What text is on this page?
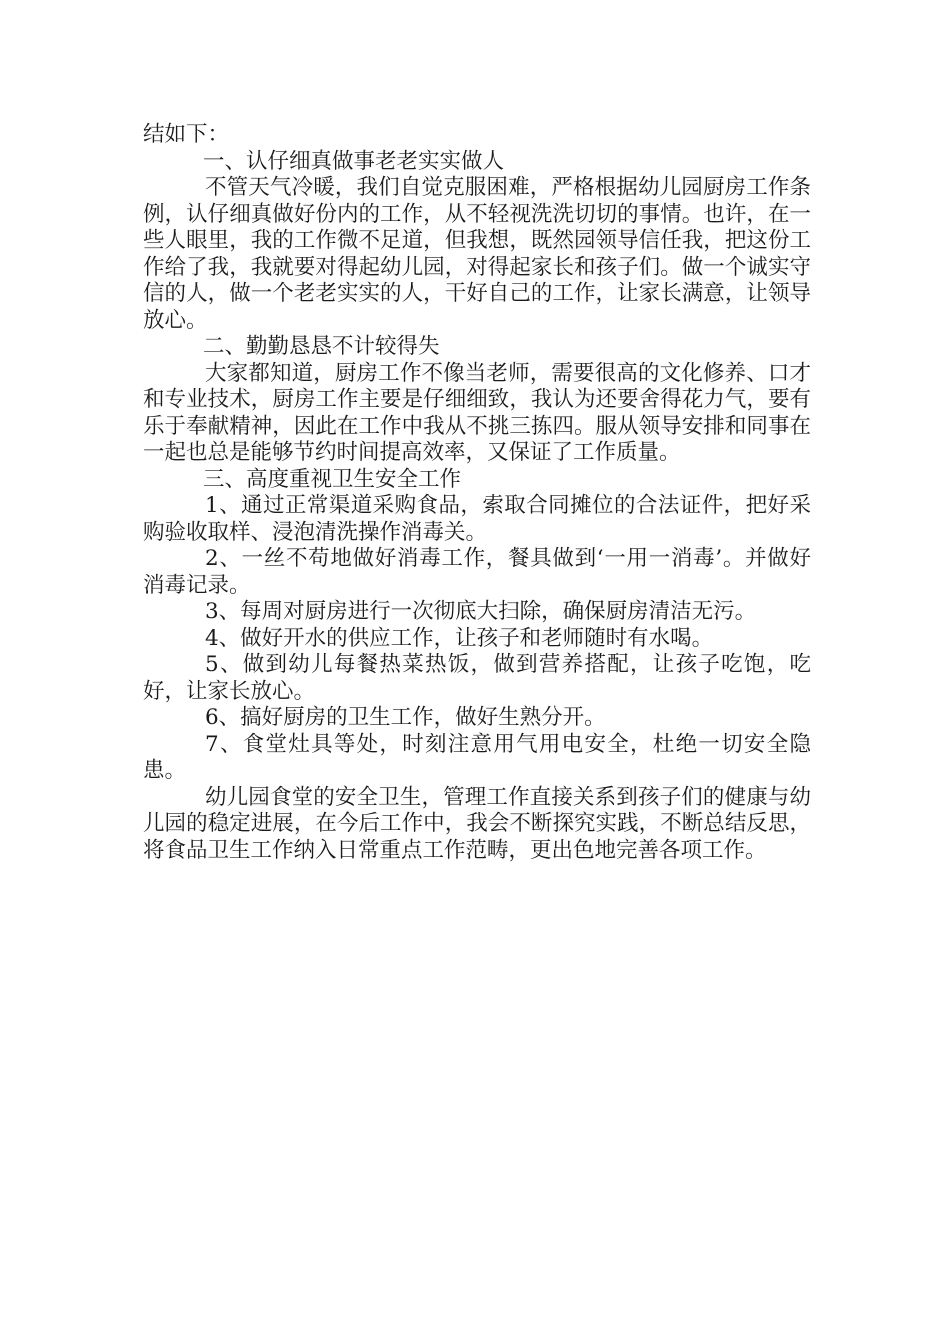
结如下：

一、认仔细真做事老老实实做人

不管天气冷暖，我们自觉克服困难，严格根据幼儿园厨房工作条例，认仔细真做好份内的工作，从不轻视洗洗切切的事情。也许，在一些人眼里，我的工作微不足道，但我想，既然园领导信任我，把这份工作给了我，我就要对得起幼儿园，对得起家长和孩子们。做一个诚实守信的人，做一个老老实实的人，干好自己的工作，让家长满意，让领导放心。

二、勤勤恳恳不计较得失

大家都知道，厨房工作不像当老师，需要很高的文化修养、口才和专业技术，厨房工作主要是仔细细致，我认为还要舍得花力气，要有乐于奉献精神，因此在工作中我从不挑三拣四。服从领导安排和同事在一起也总是能够节约时间提高效率，又保证了工作质量。

三、高度重视卫生安全工作

1、通过正常渠道采购食品，索取合同摊位的合法证件，把好采购验收取样、浸泡清洗操作消毒关。

2、一丝不苟地做好消毒工作，餐具做到‘一用一消毒’。并做好消毒记录。

3、每周对厨房进行一次彻底大扫除，确保厨房清洁无污。

4、做好开水的供应工作，让孩子和老师随时有水喝。

5、做到幼儿每餐热菜热饭，做到营养搭配，让孩子吃饱，吃好，让家长放心。

6、搞好厨房的卫生工作，做好生熟分开。

7、食堂灶具等处，时刻注意用气用电安全，杜绝一切安全隐患。

幼儿园食堂的安全卫生，管理工作直接关系到孩子们的健康与幼儿园的稳定进展，在今后工作中，我会不断探究实践，不断总结反思，将食品卫生工作纳入日常重点工作范畴，更出色地完善各项工作。
